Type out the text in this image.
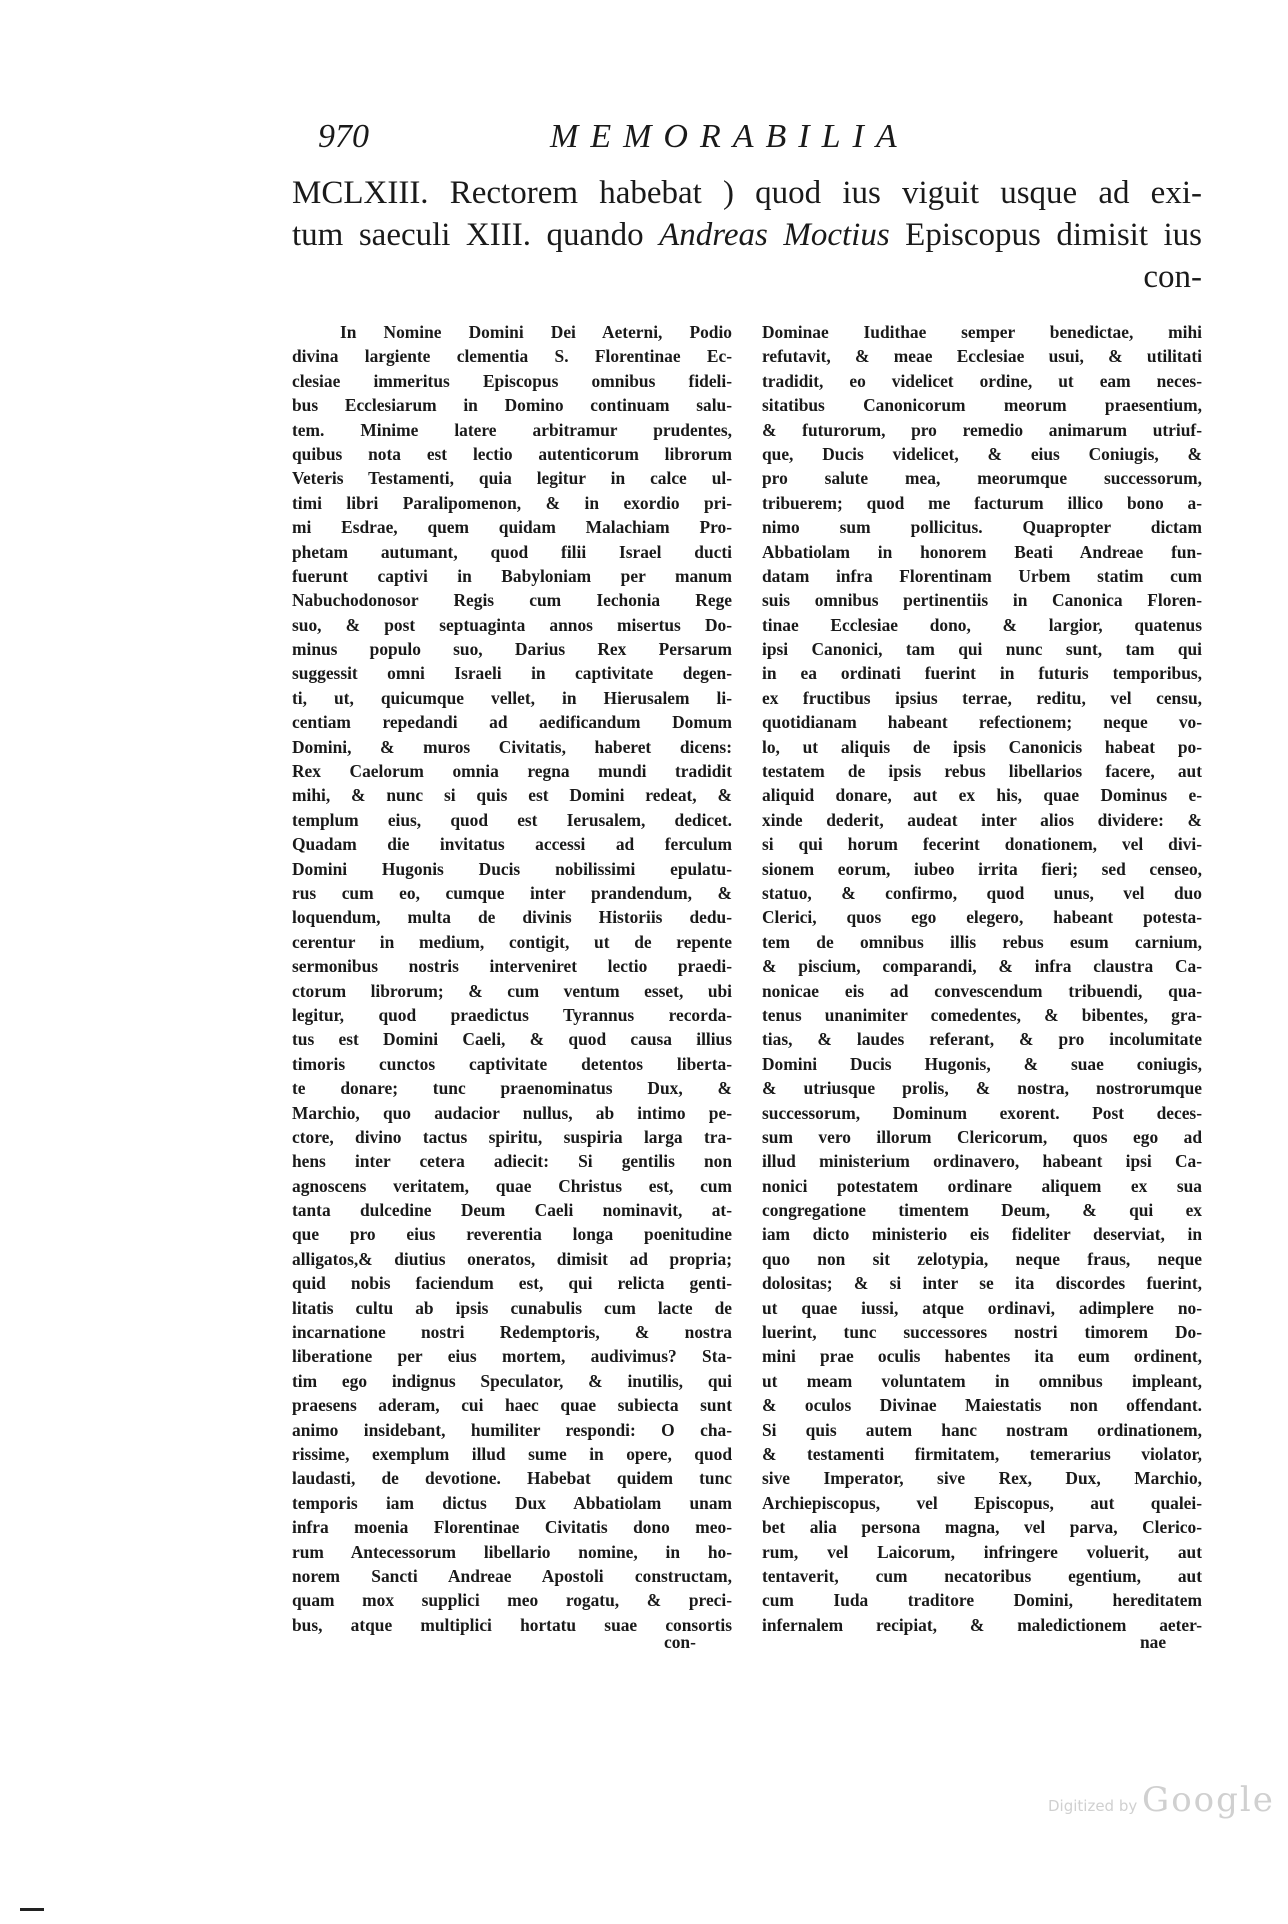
970	MEMORABILIA
MCLXIII. Rectorem habebat ) quod ius viguit usque ad exi-
tum saeculi XIII. quando Andreas Moctius Episcopus dimisit ius
con-
In Nomine Domini Dei Aeterni, Podio
divina largiente clementia S. Florentinae Ec-
clesiae immeritus Episcopus omnibus fideli-
bus Ecclesiarum in Domino continuam salu-
tem. Minime latere arbitramur prudentes,
quibus nota est lectio autenticorum librorum
Veteris Testamenti, quia legitur in calce ul-
timi libri Paralipomenon, & in exordio pri-
mi Esdrae, quem quidam Malachiam Pro-
phetam autumant, quod filii Israel ducti
fuerunt captivi in Babyloniam per manum
Nabuchodonosor Regis cum Iechonia Rege
suo, & post septuaginta annos misertus Do-
minus populo suo, Darius Rex Persarum
suggessit omni Israeli in captivitate degen-
ti, ut, quicumque vellet, in Hierusalem li-
centiam repedandi ad aedificandum Domum
Domini, & muros Civitatis, haberet dicens:
Rex Caelorum omnia regna mundi tradidit
mihi, & nunc si quis est Domini redeat, &
templum eius, quod est Ierusalem, dedicet.
Quadam die invitatus accessi ad ferculum
Domini Hugonis Ducis nobilissimi epulatu-
rus cum eo, cumque inter prandendum, &
loquendum, multa de divinis Historiis dedu-
cerentur in medium, contigit, ut de repente
sermonibus nostris interveniret lectio praedi-
ctorum librorum; & cum ventum esset, ubi
legitur, quod praedictus Tyrannus recorda-
tus est Domini Caeli, & quod causa illius
timoris cunctos captivitate detentos liberta-
te donare; tunc praenominatus Dux, &
Marchio, quo audacior nullus, ab intimo pe-
ctore, divino tactus spiritu, suspiria larga tra-
hens inter cetera adiecit: Si gentilis non
agnoscens veritatem, quae Christus est, cum
tanta dulcedine Deum Caeli nominavit, at-
que pro eius reverentia longa poenitudine
alligatos,& diutius oneratos, dimisit ad propria;
quid nobis faciendum est, qui relicta genti-
litatis cultu ab ipsis cunabulis cum lacte de
incarnatione nostri Redemptoris, & nostra
liberatione per eius mortem, audivimus? Sta-
tim ego indignus Speculator, & inutilis, qui
praesens aderam, cui haec quae subiecta sunt
animo insidebant, humiliter respondi: O cha-
rissime, exemplum illud sume in opere, quod
laudasti, de devotione. Habebat quidem tunc
temporis iam dictus Dux Abbatiolam unam
infra moenia Florentinae Civitatis dono meo-
rum Antecessorum libellario nomine, in ho-
norem Sancti Andreae Apostoli constructam,
quam mox supplici meo rogatu, & preci-
bus, atque multiplici hortatu suae consortis
Dominae Iudithae semper benedictae, mihi
refutavit, & meae Ecclesiae usui, & utilitati
tradidit, eo videlicet ordine, ut eam neces-
sitatibus Canonicorum meorum praesentium,
& futurorum, pro remedio animarum utriuf-
que, Ducis videlicet, & eius Coniugis, &
pro salute mea, meorumque successorum,
tribuerem; quod me facturum illico bono a-
nimo sum pollicitus. Quapropter dictam
Abbatiolam in honorem Beati Andreae fun-
datam infra Florentinam Urbem statim cum
suis omnibus pertinentiis in Canonica Floren-
tinae Ecclesiae dono, & largior, quatenus
ipsi Canonici, tam qui nunc sunt, tam qui
in ea ordinati fuerint in futuris temporibus,
ex fructibus ipsius terrae, reditu, vel censu,
quotidianam habeant refectionem; neque vo-
lo, ut aliquis de ipsis Canonicis habeat po-
testatem de ipsis rebus libellarios facere, aut
aliquid donare, aut ex his, quae Dominus e-
xinde dederit, audeat inter alios dividere: &
si qui horum fecerint donationem, vel divi-
sionem eorum, iubeo irrita fieri; sed censeo,
statuo, & confirmo, quod unus, vel duo
Clerici, quos ego elegero, habeant potesta-
tem de omnibus illis rebus esum carnium,
& piscium, comparandi, & infra claustra Ca-
nonicae eis ad convescendum tribuendi, qua-
tenus unanimiter comedentes, & bibentes, gra-
tias, & laudes referant, & pro incolumitate
Domini Ducis Hugonis, & suae coniugis,
& utriusque prolis, & nostra, nostrorumque
successorum, Dominum exorent. Post deces-
sum vero illorum Clericorum, quos ego ad
illud ministerium ordinavero, habeant ipsi Ca-
nonici potestatem ordinare aliquem ex sua
congregatione timentem Deum, & qui ex
iam dicto ministerio eis fideliter deserviat, in
quo non sit zelotypia, neque fraus, neque
dolositas; & si inter se ita discordes fuerint,
ut quae iussi, atque ordinavi, adimplere no-
luerint, tunc successores nostri timorem Do-
mini prae oculis habentes ita eum ordinent,
ut meam voluntatem in omnibus impleant,
& oculos Divinae Maiestatis non offendant.
Si quis autem hanc nostram ordinationem,
& testamenti firmitatem, temerarius violator,
sive Imperator, sive Rex, Dux, Marchio,
Archiepiscopus, vel Episcopus, aut qualei-
bet alia persona magna, vel parva, Clerico-
rum, vel Laicorum, infringere voluerit, aut
tentaverit, cum necatoribus egentium, aut
cum Iuda traditore Domini, hereditatem
infernalem recipiat, & maledictionem aeter-
con-	nae
Digitized by Google
